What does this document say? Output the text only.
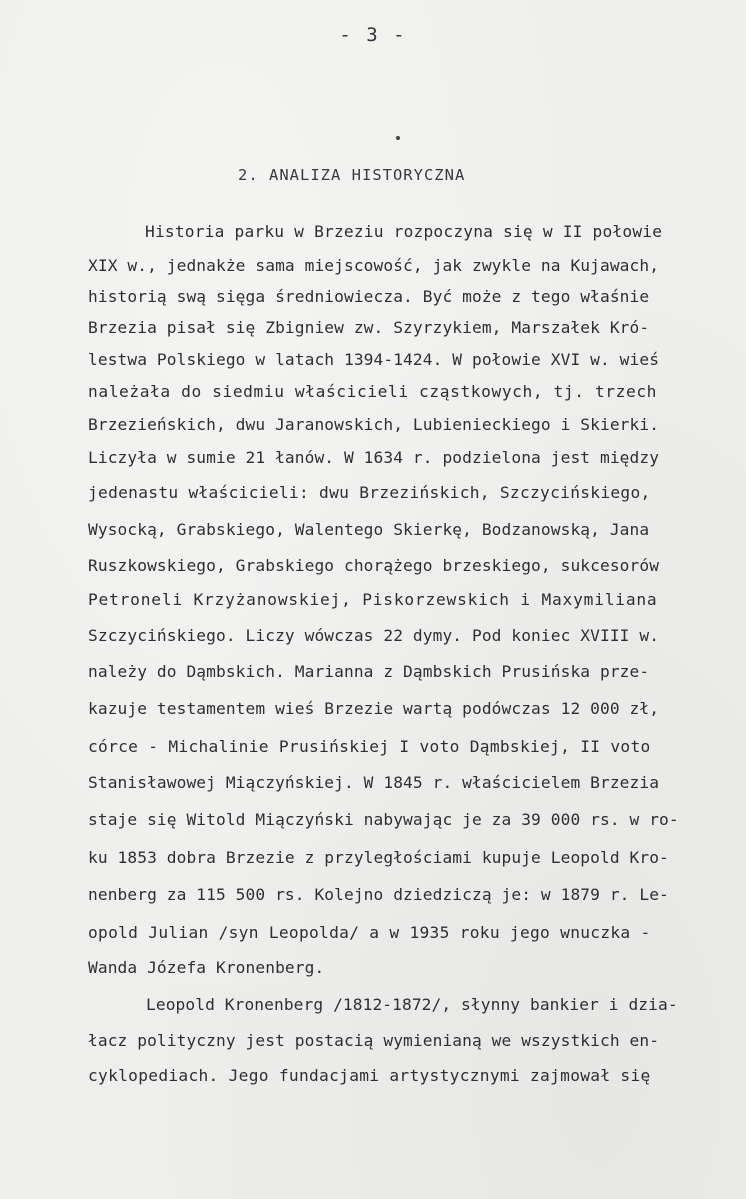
- 3 -
2. ANALIZA HISTORYCZNA
Historia parku w Brzeziu rozpoczyna się w II połowie
XIX w., jednakże sama miejscowość, jak zwykle na Kujawach,
historią swą sięga średniowiecza. Być może z tego właśnie
Brzezia pisał się Zbigniew zw. Szyrzykiem, Marszałek Kró-
lestwa Polskiego w latach 1394-1424. W połowie XVI w. wieś
należała do siedmiu właścicieli cząstkowych, tj. trzech
Brzezieńskich, dwu Jaranowskich, Lubienieckiego i Skierki.
Liczyła w sumie 21 łanów. W 1634 r. podzielona jest między
jedenastu właścicieli: dwu Brzezińskich, Szczycińskiego,
Wysocką, Grabskiego, Walentego Skierkę, Bodzanowską, Jana
Ruszkowskiego, Grabskiego chorążego brzeskiego, sukcesorów
Petroneli Krzyżanowskiej, Piskorzewskich i Maxymiliana
Szczycińskiego. Liczy wówczas 22 dymy. Pod koniec XVIII w.
należy do Dąmbskich. Marianna z Dąmbskich Prusińska prze-
kazuje testamentem wieś Brzezie wartą podówczas 12 000 zł,
córce - Michalinie Prusińskiej I voto Dąmbskiej, II voto
Stanisławowej Miączyńskiej. W 1845 r. właścicielem Brzezia
staje się Witold Miączyński nabywając je za 39 000 rs. w ro-
ku 1853 dobra Brzezie z przyległościami kupuje Leopold Kro-
nenberg za 115 500 rs. Kolejno dziedziczą je: w 1879 r. Le-
opold Julian /syn Leopolda/ a w 1935 roku jego wnuczka -
Wanda Józefa Kronenberg.
Leopold Kronenberg /1812-1872/, słynny bankier i dzia-
łacz polityczny jest postacią wymienianą we wszystkich en-
cyklopediach. Jego fundacjami artystycznymi zajmował się
